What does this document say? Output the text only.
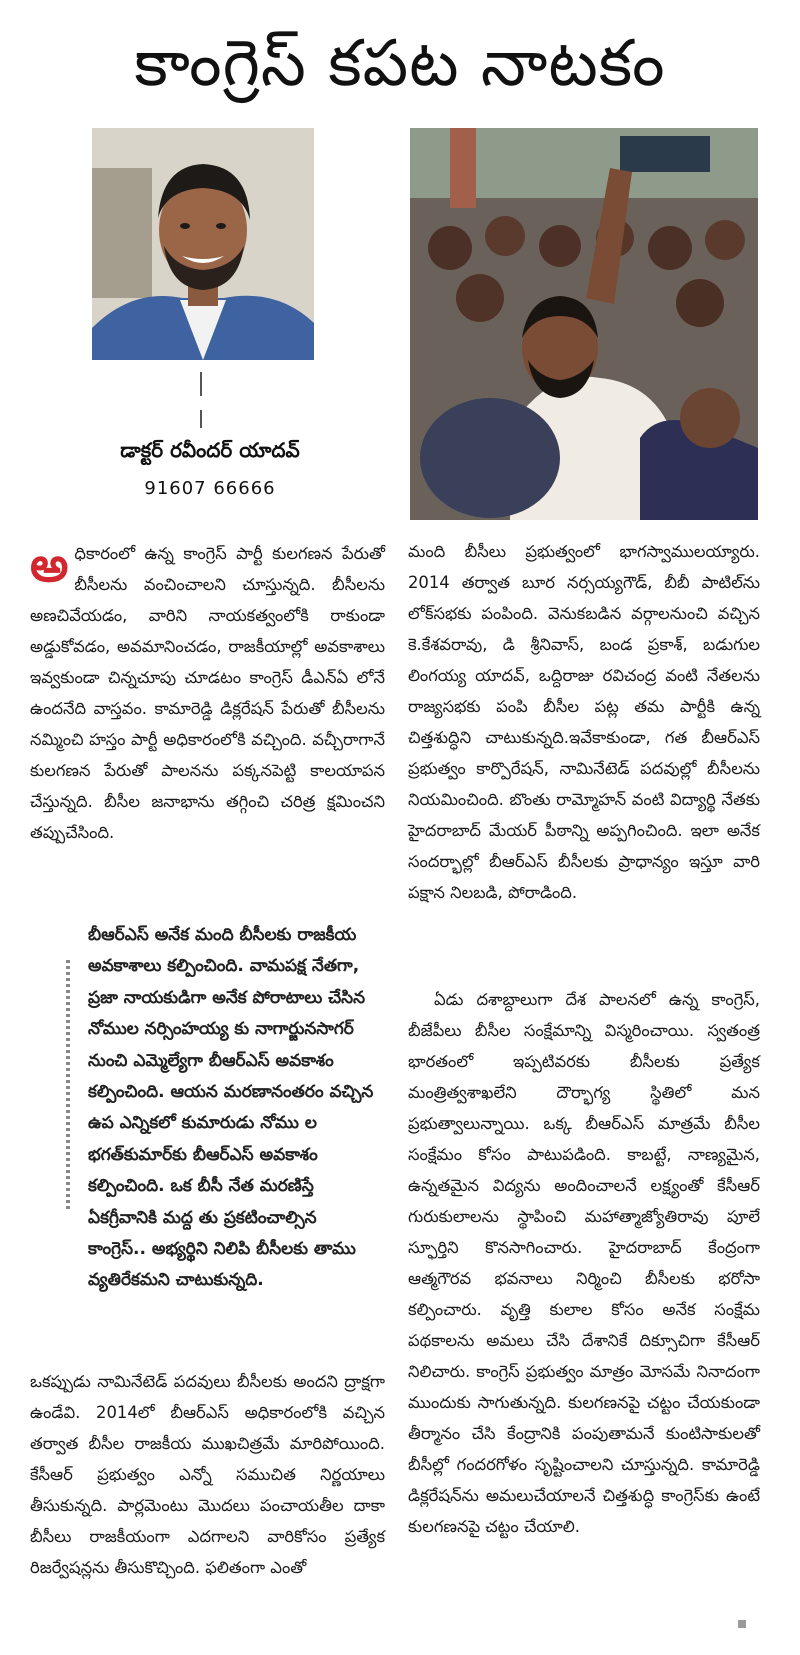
కాంగ్రెస్ కపట నాటకం
డాక్టర్ రవీందర్ యాదవ్
91607 66666
అ ధికారంలో ఉన్న కాంగ్రెస్ పార్టీ కులగణన పేరుతో బీసీలను వంచించాలని చూస్తున్నది. బీసీలను అణచివేయడం, వారిని నాయకత్వంలోకి రాకుండా అడ్డుకోవడం, అవమానించడం, రాజకీయాల్లో అవకాశాలు ఇవ్వకుండా చిన్నచూపు చూడటం కాంగ్రెస్ డీఎన్ఏ లోనే ఉందనేది వాస్తవం. కామారెడ్డి డిక్లరేషన్ పేరుతో బీసీలను నమ్మించి హస్తం పార్టీ అధికారంలోకి వచ్చింది. వచ్చీరాగానే కులగణన పేరుతో పాలనను పక్కనపెట్టి కాలయాపన చేస్తున్నది. బీసీల జనాభాను తగ్గించి చరిత్ర క్షమించని తప్పుచేసింది.

బీఆర్ఎస్ అనేక మంది బీసీలకు రాజకీయ అవకాశాలు కల్పించింది. వామపక్ష నేతగా, ప్రజా నాయకుడిగా అనేక పోరాటాలు చేసిన నోముల నర్సింహయ్య కు నాగార్జునసాగర్ నుంచి ఎమ్మెల్యేగా బీఆర్ఎస్ అవకాశం కల్పించింది. ఆయన మరణానంతరం వచ్చిన ఉప ఎన్నికలో కుమారుడు నోము ల భగత్‌కుమార్‌కు బీఆర్ఎస్ అవకాశం కల్పించింది. ఒక బీసీ నేత మరణిస్తే ఏకగ్రీవానికి మద్ద తు ప్రకటించాల్సిన కాంగ్రెస్.. అభ్యర్థిని నిలిపి బీసీలకు తాము వ్యతిరేకమని చాటుకున్నది.

ఒకప్పుడు నామినేటెడ్ పదవులు బీసీలకు అందని ద్రాక్షగా ఉండేవి. 2014లో బీఆర్ఎస్ అధికారంలోకి వచ్చిన తర్వాత బీసీల రాజకీయ ముఖచిత్రమే మారిపోయింది. కేసీఆర్ ప్రభుత్వం ఎన్నో సముచిత నిర్ణయాలు తీసుకున్నది. పార్లమెంటు మొదలు పంచాయతీల దాకా బీసీలు రాజకీయంగా ఎదగాలని వారికోసం ప్రత్యేక రిజర్వేషన్లను తీసుకొచ్చింది. ఫలితంగా ఎంతో

మంది బీసీలు ప్రభుత్వంలో భాగస్వాములయ్యారు. 2014 తర్వాత బూర నర్సయ్యగౌడ్, బీబీ పాటిల్‌ను లోక్‌సభకు పంపింది. వెనుకబడిన వర్గాలనుంచి వచ్చిన కె.కేశవరావు, డి శ్రీనివాస్, బండ ప్రకాశ్, బడుగుల లింగయ్య యాదవ్, ఒద్దిరాజు రవిచంద్ర వంటి నేతలను రాజ్యసభకు పంపి బీసీల పట్ల తమ పార్టీకి ఉన్న చిత్తశుద్ధిని చాటుకున్నది.ఇవేకాకుండా, గత బీఆర్ఎస్ ప్రభుత్వం కార్పొరేషన్, నామినేటెడ్ పదవుల్లో బీసీలను నియమించింది. బొంతు రామ్మోహన్ వంటి విద్యార్థి నేతకు హైదరాబాద్ మేయర్ పీఠాన్ని అప్పగించింది. ఇలా అనేక సందర్భాల్లో బీఆర్ఎస్ బీసీలకు ప్రాధాన్యం ఇస్తూ వారి పక్షాన నిలబడి, పోరాడింది.

ఏడు దశాబ్దాలుగా దేశ పాలనలో ఉన్న కాంగ్రెస్, బీజేపీలు బీసీల సంక్షేమాన్ని విస్మరించాయి. స్వతంత్ర భారతంలో ఇప్పటివరకు బీసీలకు ప్రత్యేక మంత్రిత్వశాఖలేని దౌర్భాగ్య స్థితిలో మన ప్రభుత్వాలున్నాయి. ఒక్క బీఆర్ఎస్ మాత్రమే బీసీల సంక్షేమం కోసం పాటుపడింది. కాబట్టే, నాణ్యమైన, ఉన్నతమైన విద్యను అందించాలనే లక్ష్యంతో కేసీఆర్ గురుకులాలను స్థాపించి మహాత్మాజ్యోతిరావు పూలే స్ఫూర్తిని కొనసాగించారు. హైదరాబాద్ కేంద్రంగా ఆత్మగౌరవ భవనాలు నిర్మించి బీసీలకు భరోసా కల్పించారు. వృత్తి కులాల కోసం అనేక సంక్షేమ పథకాలను అమలు చేసి దేశానికే దిక్సూచిగా కేసీఆర్ నిలిచారు. కాంగ్రెస్ ప్రభుత్వం మాత్రం మోసమే నినాదంగా ముందుకు సాగుతున్నది. కులగణనపై చట్టం చేయకుండా తీర్మానం చేసి కేంద్రానికి పంపుతామనే కుంటిసాకులతో బీసీల్లో గందరగోళం సృష్టించాలని చూస్తున్నది. కామారెడ్డి డిక్లరేషన్‌ను అమలుచేయాలనే చిత్తశుద్ధి కాంగ్రెస్‌కు ఉంటే కులగణనపై చట్టం చేయాలి.
